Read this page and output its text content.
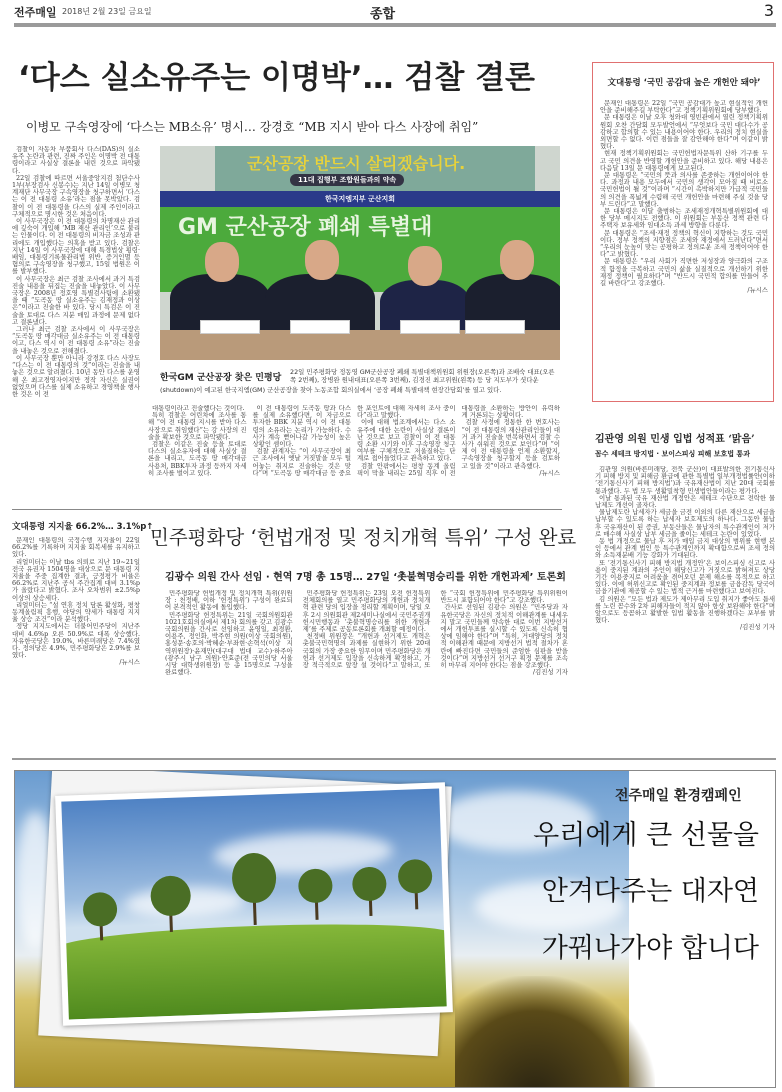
전주매일 2018년 2월 23일 금요일	종합	3
‘다스 실소유주는 이명박’… 검찰 결론
이병모 구속영장에 ‘다스는 MB소유’ 명시… 강경호 “MB 지시 받아 다스 사장에 취임”

검찰이 자동차 부품회사 다스(DAS)의 실소유주 논란과 관련, 진짜 주인은 이명박 전 대통령이라고 사실상 결론을 내린 것으로 파악됐다.

22일 검찰에 따르면 서울중앙지검 첨단수사1부(부장검사 신봉수)는 지난 14일 이병모 청계재단 사무국장 구속영장을 청구하면서 ‘다스는 이 전 대통령 소유’라는 점을 못박았다. 검찰이 이 전 대통령을 다스의 실제 주인이라고 구체적으로 명시한 것은 처음이다.

이 사무국장은 이 전 대통령의 차명재산 관리에 깊숙이 개입해 ‘MB 재산 관리인’으로 불리는 인물이다. 이 전 대통령의 비자금 조성과 관리에도 개입했다는 의혹을 받고 있다. 검찰은 지난 14일 이 사무국장에 대해 특경법상 횡령·배임, 대통령기록물관리법 위반, 증거인멸 등 혐의로 구속영장을 청구했고, 15일 법원은 이를 발부했다.

이 사무국장은 최근 검찰 조사에서 과거 특검 진술 내용을 뒤집는 진술을 내놓았다. 이 사무국장은 2008년 정호영 특별검사팀에 소환됐을 때 “도곡동 땅 실소유주는 김재정과 이상은”이라고 진술한 바 있다. 당시 특검은 이 진술을 토대로 다스 지분 매입 과정에 문제 없다고 결론냈다.

그러나 최근 검찰 조사에서 이 사무국장은 “도곡동 땅 매각대금 실소유주는 이 전 대통령이고, 다스 역시 이 전 대통령 소유”라는 진술을 내놓은 것으로 전해졌다.

이 사무국장 뿐만 아니라 강경호 다스 사장도 “다스는 이 전 대통령의 것”이라는 진술을 내놓은 것으로 알려졌다. 10년 동안 다스를 운영해 온 최고경영자이지만 정작 자신은 실권이 없었으며 다스를 실제 소유하고 경영책을 행사한 것은 이 전

군산공장 반드시 살리겠습니다.
11대 집행부 조합원들과의 약속
한국지엠지부 군산지회
GM 군산공장 폐쇄 특별대
한국GM 군산공장 찾은 민평당
22일 민주평화당 정동영 GM군산공장 폐쇄 특별대책위원회 위원장(오른쪽)과 조배숙 대표(오른쪽 2번째), 장병완 원내대표(오른쪽 3번째), 김경진 최고위원(왼쪽) 등 당 지도부가 셧다운
(shutdown)이 예고된 한국지엠(GM) 군산공장을 찾아 노동조합 회의실에서 ‘공장 폐쇄 특별대책 현장간담회’를 열고 있다.

대통령이라고 진술했다는 것이다.

특히 검찰은 어린차에 조사를 통해 “이 전 대통령 지시를 받아 다스 사장으로 취임했다”는 강 사장의 진술을 확보한 것으로 파악됐다.

검찰은 이같은 진술 등을 토대로 다스의 실소유자에 대해 사실상 결론을 내리고, 도곡동 땅 매각대금 사용처, BBK투자 과정 등까지 자세히 조사를 벌이고 있다.

이 전 대통령이 도곡동 땅과 다스를 실제 소유했다면, 이 자금으로 투자한 BBK 지분 역시 이 전 대통령의 소유라는 논리가 가능하다. 수사가 계속 뻗어나갈 가능성이 높은 상황인 셈이다.

검찰 관계자는 “이 사무국장이 최근 조사에서 옛날 거짓말을 모두 털어놓는 취지로 진술하는 것은 맞다”며 “도곡동 땅 매각대금 등 중요한 포인트에 대해 자세히 조사 중이다”라고 말했다.

이에 대해 법조계에서는 다스 소유주에 대한 논란이 사실상 결론이 난 것으로 보고 검찰이 이 전 대통령 소환 시기와 이후 구속영장 청구 여부를 구체적으로 저울질하는 단계로 접어들었다고 관측하고 있다.

검찰 안팎에서는 평창 동계 올림픽이 막을 내리는 25일 직후 이 전 대통령을 소환하는 방안이 유력하게 거론되는 상황이다.

검찰 사정에 정통한 한 변호사는 “이 전 대통령의 재산관리인들이 대거 과거 진술을 번복하면서 검찰 수사가 쉬워진 것으로 보인다”며 “이제 이 전 대통령을 언제 소환할지, 구속영장을 청구할지 등을 검토하고 있을 것”이라고 관측했다.

/뉴시스
文대통령 ‘국민 공감대 높은 개헌안 돼야’

문재인 대통령은 22일 “국민 공감대가 높고 현실적인 개헌안을 준비해주길 부탁한다”고 정책기획위원회에 당부했다.

문 대통령은 이날 오후 청와대 영빈관에서 열린 정책기획위원회 오찬 간담회 모두발언에서 “무엇보다 국민 대다수가 공감하고 합의할 수 있는 내용이어야 한다. 우리의 정치 현실을 외면할 수 없다. 이런 점들을 잘 감안해야 한다”며 이같이 밝혔다.

현재 정책기획위원회는 국민헌법자문특위 산하 기구를 두고 국민 의견을 반영할 개헌안을 준비하고 있다. 해당 내용은 다음달 13일 문 대통령에게 보고된다.

문 대통령은 “국민의 뜻과 의사를 존중하는 개헌이어야 한다. 과정과 내용 모두에서 국민의 생각이 모아질 때 비로소 국민헌법이 될 것”이라며 “시간이 촉박하지만 가급적 국민들의 의견을 폭넓게 수렴해 국민 개헌안을 마련해 주실 것을 당부 드린다”고 말했다.

문 대통령은 이달 출범하는 조세재정개혁특별위원회에 대한 당부 메시지도 전했다. 이 위원회는 부동산 정책 관련 다주택자 보유세와 임대소득 과세 방향을 다룬다.

문 대통령은 “조세·재정 정책의 혁신이 지향하는 것도 국민이다. 정부 정책의 지향점은 조세와 재정에서 드러난다”면서 “우리의 눈높이 맞는 공평하고 정의로운 조세 정책이어야 한다”고 밝혔다.

문 대통령은 “우리 사회가 직면한 저성장과 양극화의 구조적 함정을 극복하고 국민의 삶을 실질적으로 개선하기 위한 재정 정책이 필요하다”며 “반드시 국민적 합의를 만들어 주길 바란다”고 강조했다.

/뉴시스
김관영 의원 민생 입법 성적표 ‘맑음’
꼼수 세테크 방지법 · 보이스피싱 피해 보호법 통과

김관영 의원(바른미래당, 전북 군산)이 대표발의한 전기통신사기 피해 방지 및 피해금 환급에 관한 특별법 일부개정법률안(이하 ‘전기통신사기 피해 방지법’)과 국유재산법이 지난 20대 국회를 통과했다. 두 법 모두 생활밀착형 민생법안들이라는 평가다.

이날 통과된 국유 재산법 개정안은 세테크 수단으로 전락한 물납제도 개선이 골자다.

물납제도란 납세자가 세금을 금전 이외의 다른 재산으로 세금을 납부할 수 있도록 하는 납세자 보호제도의 하나다. 그동안 물납 후 국유재산이 된 증권, 부동산들은 물납자의 특수관계인이 저가로 매수해 사실상 납부 세금을 줄이는 세테크 논란이 있었다.

동 법 개정으로 물납 후 저가 매입 금지 대상의 범위를 현행 본인 등에서 관계 법인 등 특수관계인까지 확대함으로써 조세 정의와 소득재분배 기능 강화가 기대된다.

또 ‘전기통신사기 피해 방지법 개정안’은 보이스피싱 신고로 사용이 중지된 계좌의 주인이 해당신고가 거짓으로 밝혀져도 상당기간 이용중지로 어려움을 겪어오던 문제 해소를 목적으로 하고 있다. 이에 허위신고로 확인된 중지계좌 정보를 금융감독 당국이 금융기관에 제공할 수 있는 법적 근거를 마련했다고 보여진다.

김 의원은 “모든 법과 제도가 제아무리 도입 취지가 좋아도 틈새를 노린 꼼수와 2차 피해자들이 적지 않아 항상 보완해야 한다”며 앞으로도 등꼼하고 활발한 입법 활동을 진행하겠다는 포부를 밝혔다.

/김진성 기자
文대통령 지지율 66.2%… 3.1%p↑

문재인 대통령의 국정수행 지지율이 22일 66.2%를 기록하며 지지율 회복세를 유지하고 있다.

리얼미터는 이날 tbs 의뢰로 지난 19~21일 전국 유권자 1504명을 대상으로 문 대통령 지지율을 주중 집계한 결과, 긍정평가 비율은 66.2%로 지난주 공식 주간집계 대비 3.1%p가 올랐다고 밝혔다. 조사 오차범위 ±2.5%p 이상의 상승세다.

리얼미터는 “설 연휴 정치 담론 활성화, 평창동계올림픽 흥행, 야당의 약세가 대통령 지지율 상승 조건”이라 분석했다.

정당 지지도에서는 더불어민주당이 지난주 대비 4.6%p 오른 50.9%로 대폭 상승했다. 자유한국당은 19.0%, 바른미래당은 7.4%였다. 정의당은 4.9%, 민주평화당은 2.9%를 보였다.

/뉴시스
민주평화당 ‘헌법개정 및 정치개혁 특위’ 구성 완료
김광수 의원 간사 선임 · 현역 7명 총 15명… 27일 ‘촛불혁명승리를 위한 개헌과제’ 토론회

민주평화당 헌법개정 및 정치개혁 특위(위원장 : 천정배, 이하 ‘헌정특위’) 구성이 완료되어 본격적인 활동에 돌입했다.

민주평화당 헌정특위는 21일 국회의원회관 1021호회의실에서 제1차 회의를 갖고 김광수 국회의원을 간사로 선임하고 윤영일, 최경환, 이용주, 정인화, 박주현 의원(이상 국회의원), 홍성문·송호의·박혜순·부좌현·손혁석(이상 지역위원장)·윤재만(대구대 법대 교수)·하주아(광주시 남구 의원)·안효준(전 국민의당 서울시당 대학생위원장) 등 총 15명으로 구성을 완료했다.

민주평화당 헌정특위는 23일 오전 헌정특위 전체회의를 열고 민주평화당의 개헌과 정치개혁 관련 당의 입장을 정리할 계획이며, 당일 오후 2시 의원회관 제2세미나실에서 국민주권개헌시민행동과 ‘촛불혁명승리를 위한 개헌과제’를 주제로 공동토론회를 개최할 예정이다.

천정배 위원장은 “개헌과 선거제도 개혁은 촛불국민혁명의 과제를 실현하기 위한 20대 국회의 가장 중요한 임무이며 민주평화당은 개헌과 선거제도 입장을 신속하게 확정하고, 가장 적극적으로 앞장 설 것이다”고 말하고, 또한 “국회 헌정특위에 민주평화당 특위위원이 반드시 포함되어야 한다”고 강조했다.

간사로 선임된 김광수 의원은 “민주당과 자유한국당은 자신의 정치적 이해관계를 내세우지 말고 국민들께 약속한 대로 이번 지방선거에서 개헌투표를 실시할 수 있도록 신속히 협상에 임해야 한다”며 “특히, 거대양당의 정치적 이해관계 때문에 지방선거 법적 절차가 혼란에 빠진다면 국민들의 준엄한 심판을 받을 것이다”며 지방선거 선거구 획정 문제를 조속히 마무리 지어야 한다는 점을 강조했다.

/김진성 기자
전주매일 환경캠페인
우리에게 큰 선물을
안겨다주는 대자연
가꿔나가야 합니다
